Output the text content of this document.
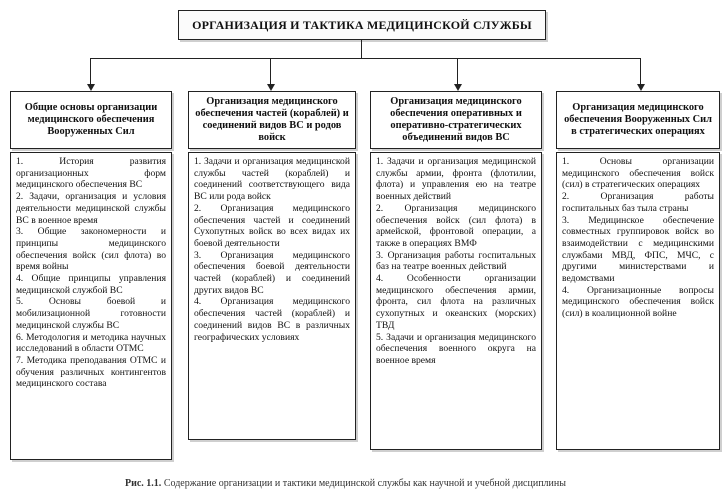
ОРГАНИЗАЦИЯ И ТАКТИКА МЕДИЦИНСКОЙ СЛУЖБЫ
Общие основы организации медицинского обеспечения Вооруженных Сил

1. История развития организационных форм медицинского обеспечения ВС

2. Задачи, организация и условия деятельности медицинской службы ВС в военное время

3. Общие закономерности и принципы медицинского обеспечения войск (сил флота) во время войны

4. Общие принципы управления медицинской службой ВС

5. Основы боевой и мобилизационной готовности медицинской службы ВС

6. Методология и методика научных исследований в области ОТМС

7. Методика преподавания ОТМС и обучения различных контингентов медицинского состава

Организация медицинского обеспечения частей (кораблей) и соединений видов ВС и родов войск

1. Задачи и организация медицинской службы частей (кораблей) и соединений соответствующего вида ВС или рода войск

2. Организация медицинского обеспечения частей и соединений Сухопутных войск во всех видах их боевой деятельности

3. Организация медицинского обеспечения боевой деятельности частей (кораблей) и соединений других видов ВС

4. Организация медицинского обеспечения частей (кораблей) и соединений видов ВС в различных географических условиях

Организация медицинского обеспечения оперативных и оперативно-стратегических объединений видов ВС

1. Задачи и организация медицинской службы армии, фронта (флотилии, флота) и управления ею на театре военных действий

2. Организация медицинского обеспечения войск (сил флота) в армейской, фронтовой операции, а также в операциях ВМФ

3. Организация работы госпитальных баз на театре военных действий

4. Особенности организации медицинского обеспечения армии, фронта, сил флота на различных сухопутных и океанских (морских) ТВД

5. Задачи и организация медицинского обеспечения военного округа на военное время

Организация медицинского обеспечения Вооруженных Сил в стратегических операциях

1. Основы организации медицинского обеспечения войск (сил) в стратегических операциях

2. Организация работы госпитальных баз тыла страны

3. Медицинское обеспечение совместных группировок войск во взаимодействии с медицинскими службами МВД, ФПС, МЧС, с другими министерствами и ведомствами

4. Организационные вопросы медицинского обеспечения войск (сил) в коалиционной войне

Рис. 1.1. Содержание организации и тактики медицинской службы как научной и учебной дисциплины
